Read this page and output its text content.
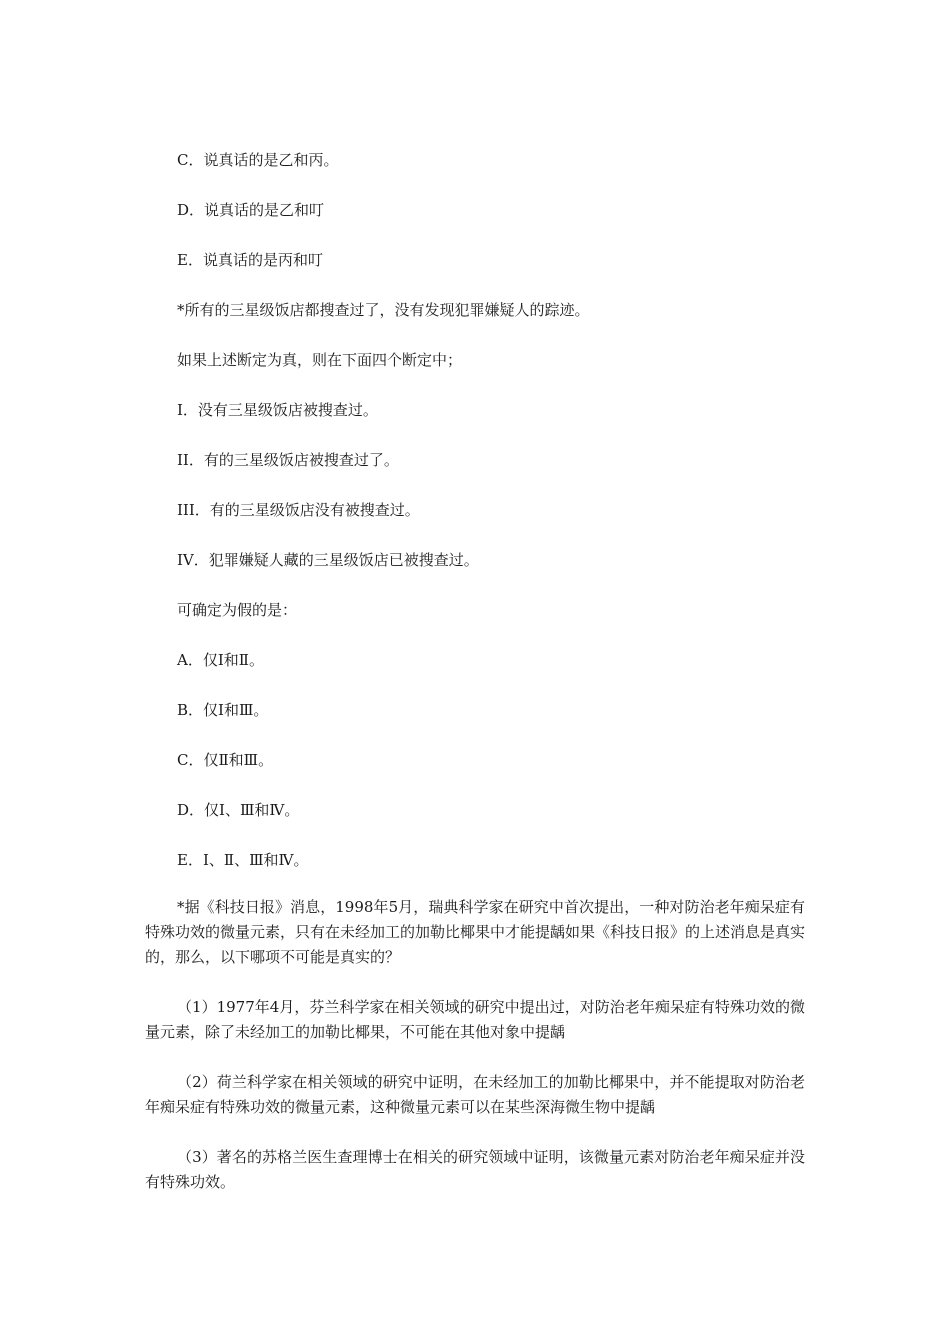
C．说真话的是乙和丙。
D．说真话的是乙和叮
E．说真话的是丙和叮
*所有的三星级饭店都搜查过了，没有发现犯罪嫌疑人的踪迹。
如果上述断定为真，则在下面四个断定中；
I．没有三星级饭店被搜查过。
II．有的三星级饭店被搜查过了。
III．有的三星级饭店没有被搜查过。
IV．犯罪嫌疑人藏的三星级饭店已被搜查过。
可确定为假的是：
A．仅Ⅰ和Ⅱ。
B．仅Ⅰ和Ⅲ。
C．仅Ⅱ和Ⅲ。
D．仅Ⅰ、Ⅲ和Ⅳ。
E．Ⅰ、Ⅱ、Ⅲ和Ⅳ。
*据《科技日报》消息，1998年5月，瑞典科学家在研究中首次提出，一种对防治老年痴呆症有特殊功效的微量元素，只有在未经加工的加勒比椰果中才能提龋如果《科技日报》的上述消息是真实的，那么，以下哪项不可能是真实的？
（1）1977年4月，芬兰科学家在相关领域的研究中提出过，对防治老年痴呆症有特殊功效的微量元素，除了未经加工的加勒比椰果，不可能在其他对象中提龋
（2）荷兰科学家在相关领域的研究中证明，在未经加工的加勒比椰果中，并不能提取对防治老年痴呆症有特殊功效的微量元素，这种微量元素可以在某些深海微生物中提龋
（3）著名的苏格兰医生查理博士在相关的研究领域中证明，该微量元素对防治老年痴呆症并没有特殊功效。
